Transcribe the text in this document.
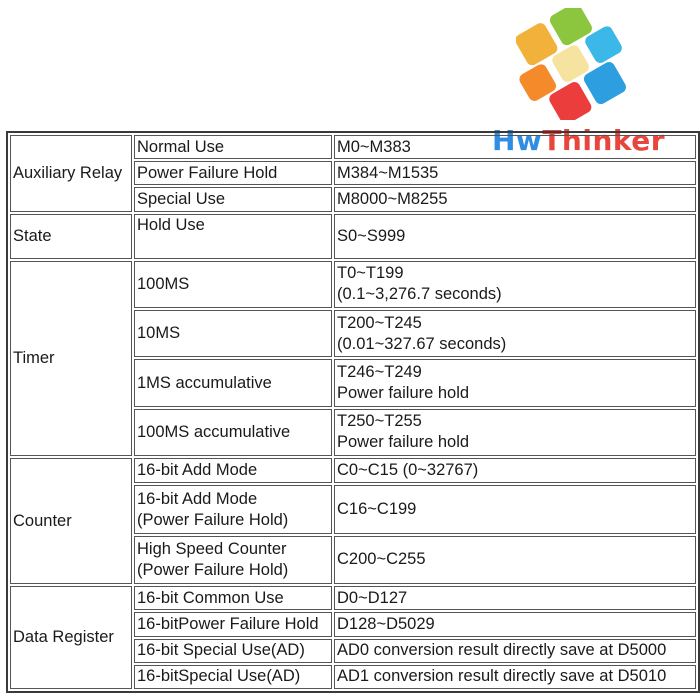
HwThinker
Auxiliary Relay	Normal Use	M0~M383

	Power Failure Hold	M384~M1535

	Special Use	M8000~M8255

State	Hold Use	S0~S999

Timer	100MS	T0~T199
(0.1~3,276.7 seconds)

	10MS	T200~T245
(0.01~327.67 seconds)

	1MS accumulative	T246~T249
Power failure hold

	100MS accumulative	T250~T255
Power failure hold

Counter	16-bit Add Mode	C0~C15 (0~32767)

	16-bit Add Mode
(Power Failure Hold)	C16~C199

	High Speed Counter
(Power Failure Hold)	C200~C255

Data Register	16-bit Common Use	D0~D127

	16-bitPower Failure Hold	D128~D5029

	16-bit Special Use(AD)	AD0 conversion result directly save at D5000

	16-bitSpecial Use(AD)	AD1 conversion result directly save at D5010
